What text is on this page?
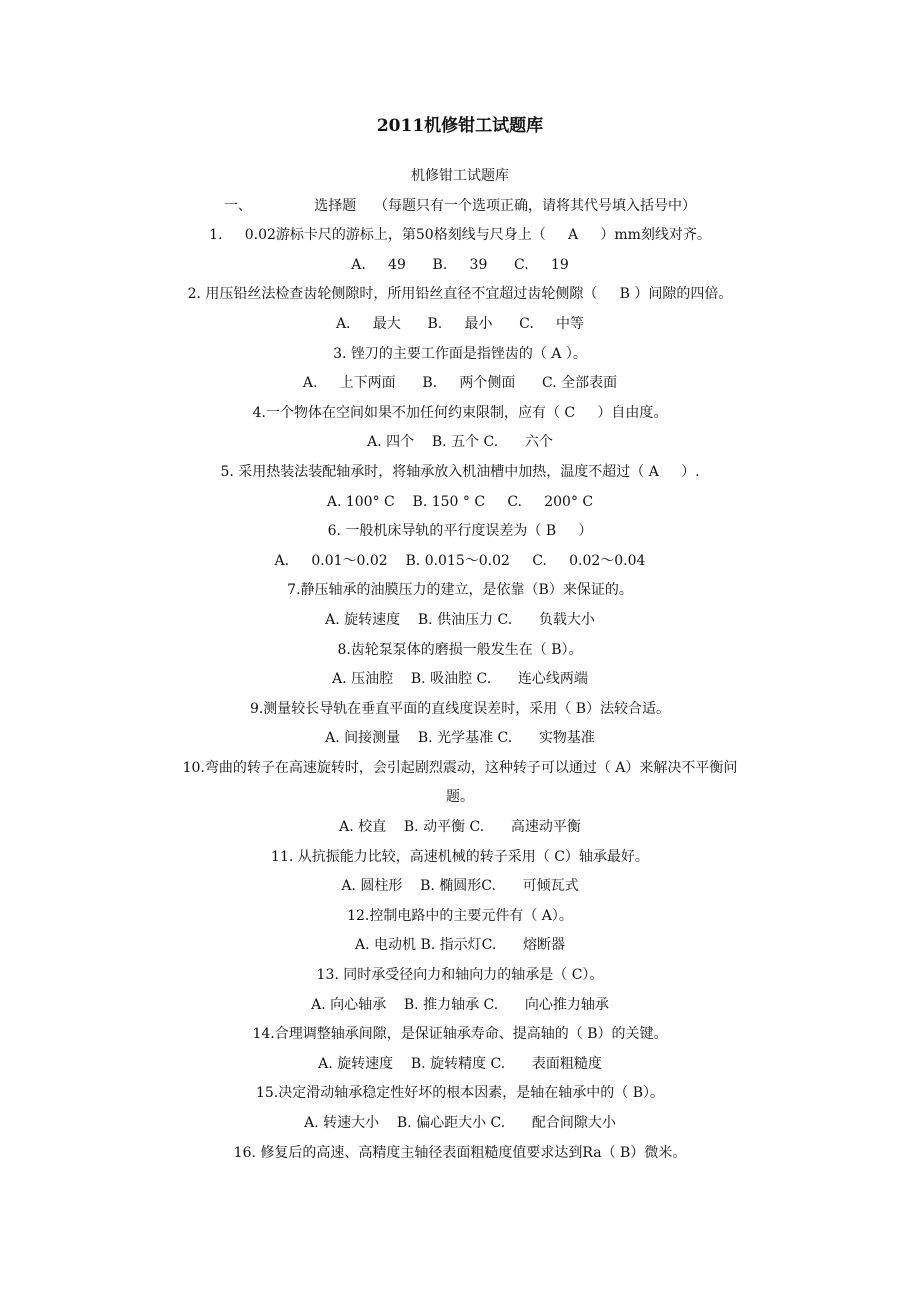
2011机修钳工试题库
机修钳工试题库
一、              选择题    （每题只有一个选项正确，请将其代号填入括号中）
1.     0.02游标卡尺的游标上，第50格刻线与尺身上（     A     ）mm刻线对齐。
A.     49      B.     39      C.     19
2. 用压铅丝法检查齿轮侧隙时，所用铅丝直径不宜超过齿轮侧隙（     B ）间隙的四倍。
A.     最大      B.     最小      C.     中等
3. 锉刀的主要工作面是指锉齿的（ A ）。
A.     上下两面      B.     两个侧面      C. 全部表面
4.一个物体在空间如果不加任何约束限制，应有（ C     ）自由度。
A. 四个    B. 五个 C.      六个
5. 采用热装法装配轴承时，将轴承放入机油槽中加热，温度不超过（ A     ）.
A. 100° C    B. 150 ° C     C.     200° C
6. 一般机床导轨的平行度误差为（ B     ）
A.     0.01～0.02    B. 0.015～0.02     C.     0.02～0.04
7.静压轴承的油膜压力的建立，是依靠（B）来保证的。
A. 旋转速度    B. 供油压力 C.      负载大小
8.齿轮泵泵体的磨损一般发生在（ B）。
A. 压油腔    B. 吸油腔 C.      连心线两端
9.测量较长导轨在垂直平面的直线度误差时，采用（ B）法较合适。
A. 间接测量    B. 光学基准 C.      实物基准
10.弯曲的转子在高速旋转时，会引起剧烈震动，这种转子可以通过（ A）来解决不平衡问
题。
A. 校直    B. 动平衡 C.      高速动平衡
11. 从抗振能力比较，高速机械的转子采用（ C）轴承最好。
A. 圆柱形    B. 椭圆形C.      可倾瓦式
12.控制电路中的主要元件有（ A）。
A. 电动机 B. 指示灯C.      熔断器
13. 同时承受径向力和轴向力的轴承是（ C）。
A. 向心轴承    B. 推力轴承 C.      向心推力轴承
14.合理调整轴承间隙，是保证轴承寿命、提高轴的（ B）的关键。
A. 旋转速度    B. 旋转精度 C.      表面粗糙度
15.决定滑动轴承稳定性好坏的根本因素，是轴在轴承中的（ B）。
A. 转速大小    B. 偏心距大小 C.      配合间隙大小
16. 修复后的高速、高精度主轴径表面粗糙度值要求达到Ra（ B）微米。
